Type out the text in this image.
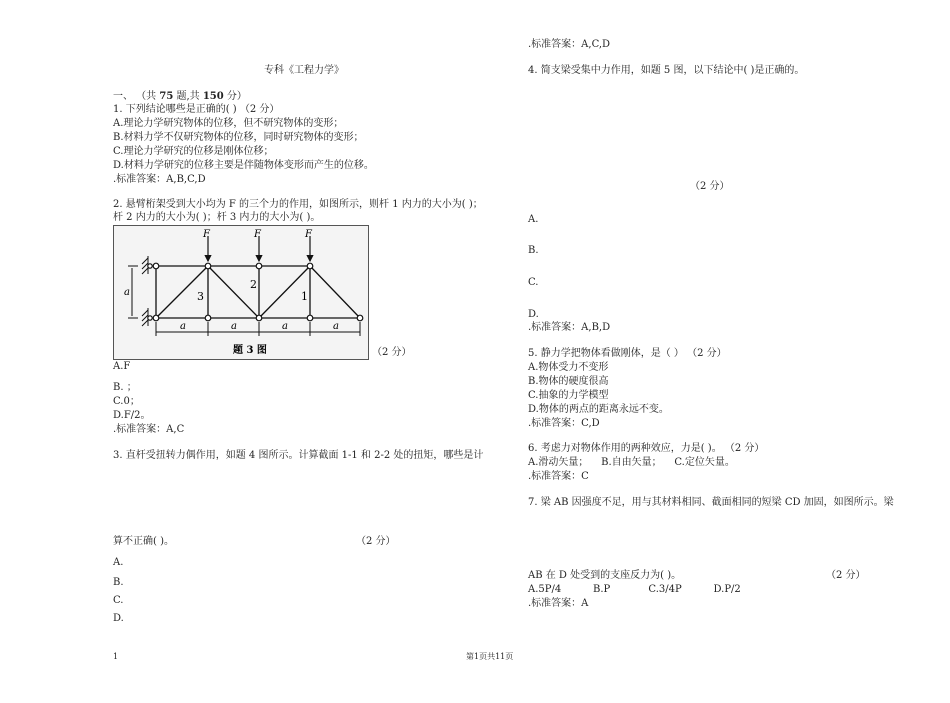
专科《工程力学》
一、 （共 75 题,共 150 分）
1. 下列结论哪些是正确的( ) （2 分）
A.理论力学研究物体的位移，但不研究物体的变形；
B.材料力学不仅研究物体的位移，同时研究物体的变形；
C.理论力学研究的位移是刚体位移；
D.材料力学研究的位移主要是伴随物体变形而产生的位移。
.标准答案：A,B,C,D
2. 悬臂桁架受到大小均为 F 的三个力的作用，如图所示，则杆 1 内力的大小为( )；
杆 2 内力的大小为( )；杆 3 内力的大小为( )。
F	F	F
3
2
1
a
a	a	a	a
题 3 图	（2 分）
A.F
B. ；
C.0；
D.F/2。
.标准答案：A,C
3. 直杆受扭转力偶作用，如题 4 图所示。计算截面 1-1 和 2-2 处的扭矩，哪些是计
算不正确( )。	（2 分）
A.
B.
C.
D.
.标准答案：A,C,D
4. 简支梁受集中力作用，如题 5 图，以下结论中( )是正确的。
（2 分）
A.
B.
C.
D.
.标准答案：A,B,D
5. 静力学把物体看做刚体，是（ ） （2 分）
A.物体受力不变形
B.物体的硬度很高
C.抽象的力学模型
D.物体的两点的距离永远不变。
.标准答案：C,D
6. 考虑力对物体作用的两种效应，力是( )。 （2 分）
A.滑动矢量；    B.自由矢量；    C.定位矢量。
.标准答案：C
7. 梁 AB 因强度不足，用与其材料相同、截面相同的短梁 CD 加固，如图所示。梁
AB 在 D 处受到的支座反力为( )。	（2 分）
A.5P/4          B.P            C.3/4P          D.P/2
.标准答案：A
1	第1页共11页
